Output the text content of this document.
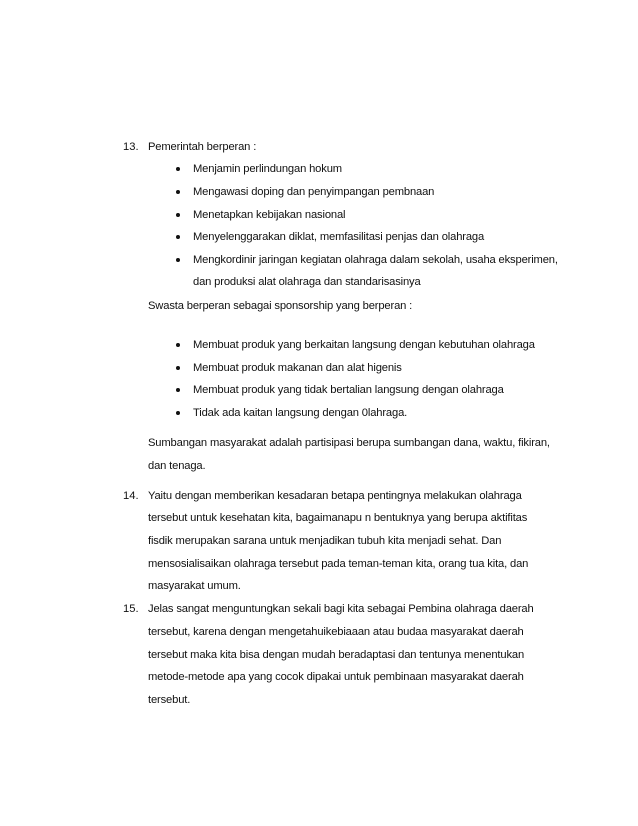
13. Pemerintah berperan :
Menjamin perlindungan hokum
Mengawasi doping dan penyimpangan pembnaan
Menetapkan kebijakan nasional
Menyelenggarakan diklat, memfasilitasi penjas dan olahraga
Mengkordinir jaringan kegiatan olahraga dalam sekolah, usaha eksperimen,
dan produksi alat olahraga dan standarisasinya
Swasta berperan sebagai sponsorship yang berperan :
Membuat produk yang berkaitan langsung dengan kebutuhan olahraga
Membuat produk makanan dan alat higenis
Membuat produk yang tidak bertalian langsung dengan olahraga
Tidak ada kaitan langsung dengan 0lahraga.
Sumbangan masyarakat adalah partisipasi berupa sumbangan dana, waktu, fikiran,
dan tenaga.
14. Yaitu dengan memberikan kesadaran betapa pentingnya melakukan olahraga
tersebut untuk kesehatan kita, bagaimanapu n bentuknya yang berupa aktifitas
fisdik merupakan sarana untuk menjadikan tubuh kita menjadi sehat. Dan
mensosialisaikan olahraga tersebut pada teman-teman kita, orang tua kita, dan
masyarakat umum.
15. Jelas sangat menguntungkan sekali bagi kita sebagai Pembina olahraga daerah
tersebut, karena dengan mengetahuikebiaaan atau budaa masyarakat daerah
tersebut maka kita bisa dengan mudah beradaptasi dan tentunya menentukan
metode-metode apa yang cocok dipakai untuk pembinaan masyarakat daerah
tersebut.
